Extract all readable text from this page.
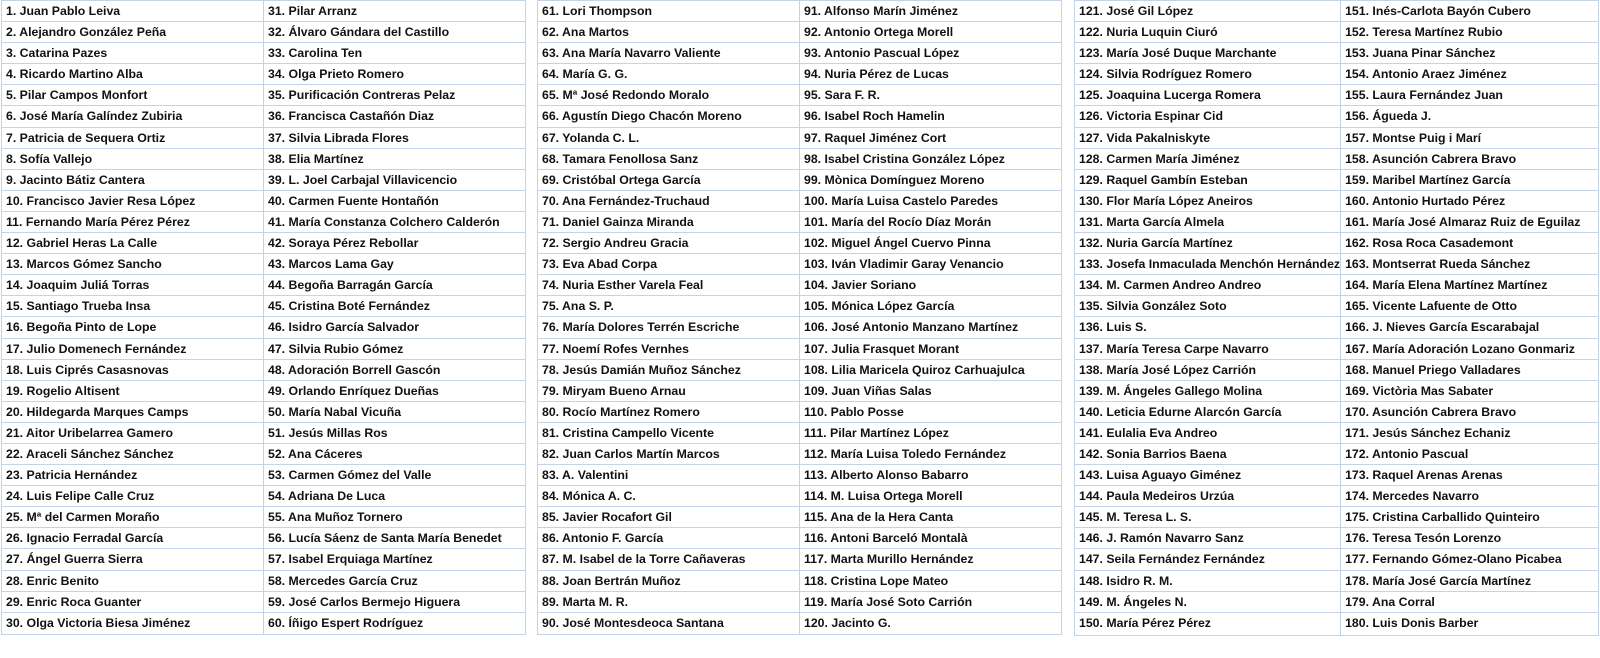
1. Juan Pablo Leiva
2. Alejandro González Peña
3. Catarina Pazes
4. Ricardo Martino Alba
5. Pilar Campos Monfort
6. José María Galíndez Zubiria
7. Patricia de Sequera Ortiz
8. Sofía Vallejo
9. Jacinto Bátiz Cantera
10. Francisco Javier Resa López
11. Fernando María Pérez Pérez
12. Gabriel Heras La Calle
13. Marcos Gómez Sancho
14. Joaquim Juliá Torras
15. Santiago Trueba Insa
16. Begoña Pinto de Lope
17. Julio Domenech Fernández
18. Luis Ciprés Casasnovas
19. Rogelio Altisent
20. Hildegarda Marques Camps
21. Aitor Uribelarrea Gamero
22. Araceli Sánchez Sánchez
23. Patricia Hernández
24. Luis Felipe Calle Cruz
25. Mª del Carmen Moraño
26. Ignacio Ferradal García
27. Ángel Guerra Sierra
28. Enric Benito
29. Enric Roca Guanter
30. Olga Victoria Biesa Jiménez
31. Pilar Arranz
32. Álvaro Gándara del Castillo
33. Carolina Ten
34. Olga Prieto Romero
35. Purificación Contreras Pelaz
36. Francisca Castañón Diaz
37. Silvia Librada Flores
38. Elia Martínez
39. L. Joel Carbajal Villavicencio
40. Carmen Fuente Hontañón
41. María Constanza Colchero Calderón
42. Soraya Pérez Rebollar
43. Marcos Lama Gay
44. Begoña Barragán García
45. Cristina Boté Fernández
46. Isidro García Salvador
47. Silvia Rubio Gómez
48. Adoración Borrell Gascón
49. Orlando Enríquez Dueñas
50. María Nabal Vicuña
51. Jesús Millas Ros
52. Ana Cáceres
53. Carmen Gómez del Valle
54. Adriana De Luca
55. Ana Muñoz Tornero
56. Lucía Sáenz de Santa María Benedet
57. Isabel Erquiaga Martínez
58. Mercedes García Cruz
59. José Carlos Bermejo Higuera
60. Íñigo Espert Rodríguez
61. Lori Thompson
62. Ana Martos
63. Ana María Navarro Valiente
64. María G. G.
65. Mª José Redondo Moralo
66. Agustín Diego Chacón Moreno
67. Yolanda C. L.
68. Tamara Fenollosa Sanz
69. Cristóbal Ortega García
70. Ana Fernández-Truchaud
71. Daniel Gainza Miranda
72. Sergio Andreu Gracia
73. Eva Abad Corpa
74. Nuria Esther Varela Feal
75. Ana S. P.
76. María Dolores Terrén Escriche
77. Noemí Rofes Vernhes
78. Jesús Damián Muñoz Sánchez
79. Miryam Bueno Arnau
80. Rocío Martínez Romero
81. Cristina Campello Vicente
82. Juan Carlos Martín Marcos
83. A. Valentini
84. Mónica A. C.
85. Javier Rocafort Gil
86. Antonio F. García
87. M. Isabel de la Torre Cañaveras
88. Joan Bertrán Muñoz
89. Marta M. R.
90. José Montesdeoca Santana
91. Alfonso Marín Jiménez
92. Antonio Ortega Morell
93. Antonio Pascual López
94. Nuria Pérez de Lucas
95. Sara F. R.
96. Isabel Roch Hamelin
97. Raquel Jiménez Cort
98. Isabel Cristina González López
99. Mònica Domínguez Moreno
100. María Luisa Castelo Paredes
101. María del Rocío Díaz Morán
102. Miguel Ángel Cuervo Pinna
103. Iván Vladimir Garay Venancio
104. Javier Soriano
105. Mónica López García
106. José Antonio Manzano Martínez
107. Julia Frasquet Morant
108. Lilia Maricela Quiroz Carhuajulca
109. Juan Viñas Salas
110. Pablo Posse
111. Pilar Martínez López
112. María Luisa Toledo Fernández
113. Alberto Alonso Babarro
114. M. Luisa Ortega Morell
115. Ana de la Hera Canta
116. Antoni Barceló Montalà
117. Marta Murillo Hernández
118. Cristina Lope Mateo
119. María José Soto Carrión
120. Jacinto G.
121. José Gil López
122. Nuria Luquin Ciuró
123. María José Duque Marchante
124. Silvia Rodríguez Romero
125. Joaquina Lucerga Romera
126. Victoria Espinar Cid
127. Vida Pakalniskyte
128. Carmen María Jiménez
129. Raquel Gambín Esteban
130. Flor María López Aneiros
131. Marta García Almela
132. Nuria García Martínez
133. Josefa Inmaculada Menchón Hernández
134. M. Carmen Andreo Andreo
135. Silvia González Soto
136. Luis S.
137. María Teresa Carpe Navarro
138. María José López Carrión
139. M. Ángeles Gallego Molina
140. Leticia Edurne Alarcón García
141. Eulalia Eva Andreo
142. Sonia Barrios Baena
143. Luisa Aguayo Giménez
144. Paula Medeiros Urzúa
145. M. Teresa L. S.
146. J. Ramón Navarro Sanz
147. Seila Fernández Fernández
148. Isidro R. M.
149. M. Ángeles N.
150. María Pérez Pérez
151. Inés-Carlota Bayón Cubero
152. Teresa Martínez Rubio
153. Juana Pinar Sánchez
154. Antonio Araez Jiménez
155. Laura Fernández Juan
156. Águeda J.
157. Montse Puig i Marí
158. Asunción Cabrera Bravo
159. Maribel Martínez García
160. Antonio Hurtado Pérez
161. María José Almaraz Ruiz de Eguilaz
162. Rosa Roca Casademont
163. Montserrat Rueda Sánchez
164. María Elena Martínez Martínez
165. Vicente Lafuente de Otto
166. J. Nieves García Escarabajal
167. María Adoración Lozano Gonmariz
168. Manuel Priego Valladares
169. Victòria Mas Sabater
170. Asunción Cabrera Bravo
171. Jesús Sánchez Echaniz
172. Antonio Pascual
173. Raquel Arenas Arenas
174. Mercedes Navarro
175. Cristina Carballido Quinteiro
176. Teresa Tesón Lorenzo
177. Fernando Gómez-Olano Picabea
178. María José García Martínez
179. Ana Corral
180. Luis Donis Barber
